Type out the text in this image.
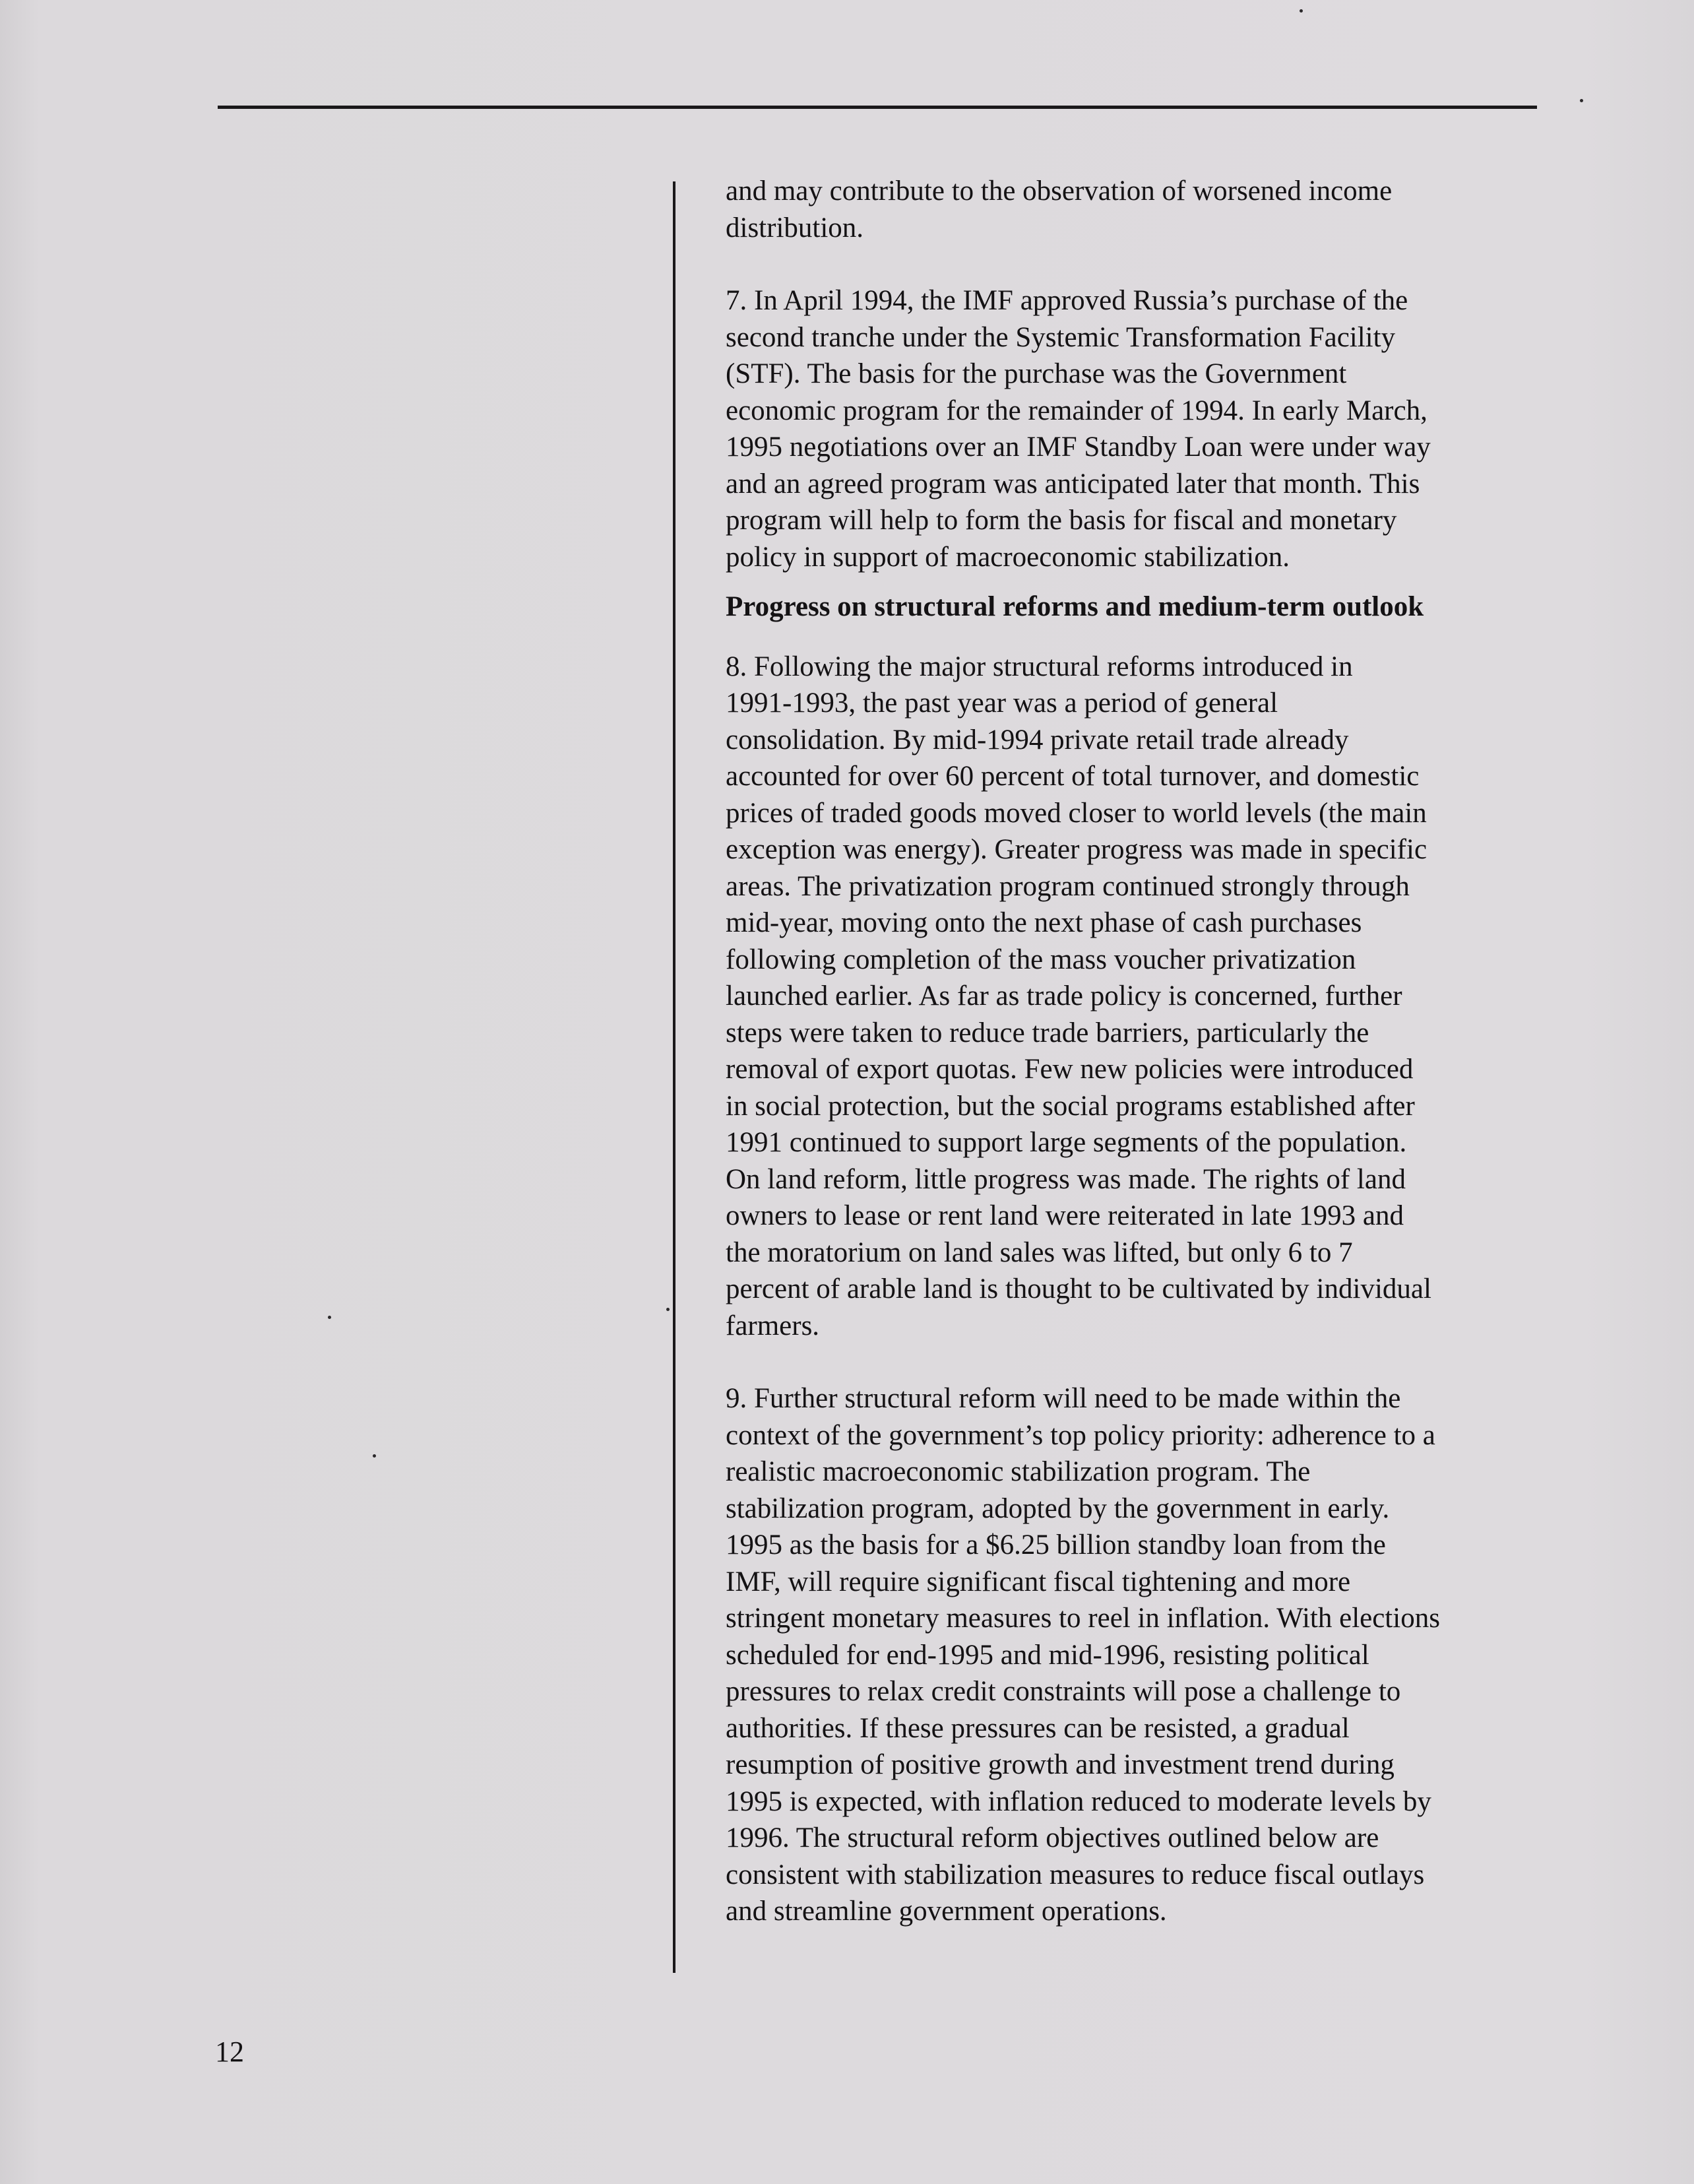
and may contribute to the observation of worsened income
distribution.

7. In April 1994, the IMF approved Russia’s purchase of the
second tranche under the Systemic Transformation Facility
(STF). The basis for the purchase was the Government
economic program for the remainder of 1994. In early March,
1995 negotiations over an IMF Standby Loan were under way
and an agreed program was anticipated later that month. This
program will help to form the basis for fiscal and monetary
policy in support of macroeconomic stabilization.

Progress on structural reforms and medium-term outlook

8. Following the major structural reforms introduced in
1991-1993, the past year was a period of general
consolidation. By mid-1994 private retail trade already
accounted for over 60 percent of total turnover, and domestic
prices of traded goods moved closer to world levels (the main
exception was energy). Greater progress was made in specific
areas. The privatization program continued strongly through
mid-year, moving onto the next phase of cash purchases
following completion of the mass voucher privatization
launched earlier. As far as trade policy is concerned, further
steps were taken to reduce trade barriers, particularly the
removal of export quotas. Few new policies were introduced
in social protection, but the social programs established after
1991 continued to support large segments of the population.
On land reform, little progress was made. The rights of land
owners to lease or rent land were reiterated in late 1993 and
the moratorium on land sales was lifted, but only 6 to 7
percent of arable land is thought to be cultivated by individual
farmers.

9. Further structural reform will need to be made within the
context of the government’s top policy priority: adherence to a
realistic macroeconomic stabilization program. The
stabilization program, adopted by the government in early.
1995 as the basis for a $6.25 billion standby loan from the
IMF, will require significant fiscal tightening and more
stringent monetary measures to reel in inflation. With elections
scheduled for end-1995 and mid-1996, resisting political
pressures to relax credit constraints will pose a challenge to
authorities. If these pressures can be resisted, a gradual
resumption of positive growth and investment trend during
1995 is expected, with inflation reduced to moderate levels by
1996. The structural reform objectives outlined below are
consistent with stabilization measures to reduce fiscal outlays
and streamline government operations.

12
